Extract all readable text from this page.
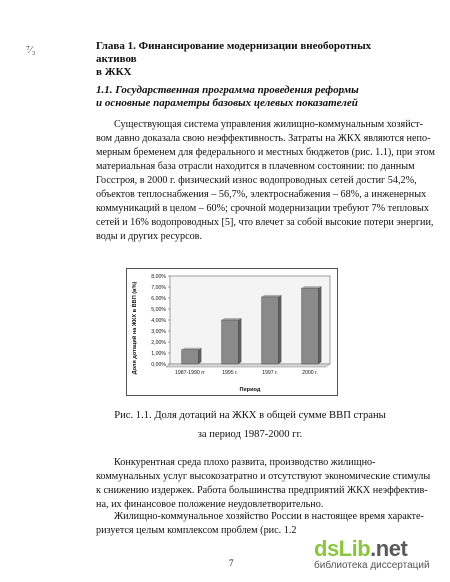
⁷⁄₃	Глава 1. Финансирование модернизации внеоборотных активов
в ЖКХ
1.1. Государственная программа проведения реформы
и основные параметры базовых целевых показателей
Существующая система управления жилищно-коммунальным хозяйст-
вом давно доказала свою неэффективность. Затраты на ЖКХ являются непо-
мерным бременем для федерального и местных бюджетов (рис. 1.1), при этом
материальная база отрасли находится в плачевном состоянии: по данным
Госстроя, в 2000 г. физический износ водопроводных сетей достиг 54,2%,
объектов теплоснабжения – 56,7%, электроснабжения – 68%, а инженерных
коммуникаций в целом – 60%; срочной модернизации требуют 7% тепловых
сетей и 16% водопроводных [5], что влечет за собой высокие потери энергии,
воды и других ресурсов.
Доля дотаций на ЖКХ в ВВП (в%)
Период
0,00%
1,00%
2,00%
3,00%
4,00%
5,00%
6,00%
7,00%
8,00%
1987-1990 гг	1995 г.	1997 г.	2000 г.
Рис. 1.1. Доля дотаций на ЖКХ в общей сумме ВВП страны
за период 1987-2000 гг.
Конкурентная среда плохо развита, производство жилищно-
коммунальных услуг высокозатратно и отсутствуют экономические стимулы
к снижению издержек. Работа большинства предприятий ЖКХ неэффектив-
на, их финансовое положение неудовлетворительно.
Жилищно-коммунальное хозяйство России в настоящее время характе-
ризуется целым комплексом проблем (рис. 1.2
7
dsLib.net
библиотека диссертаций
